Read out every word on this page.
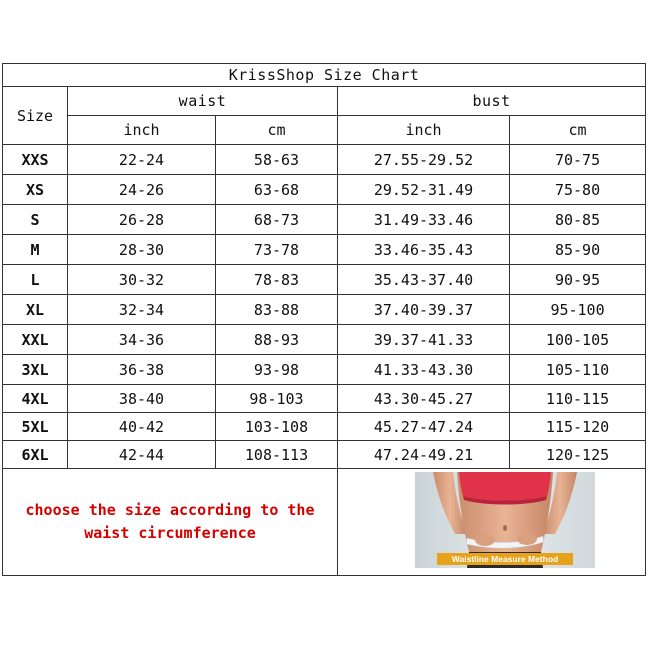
KrissShop Size Chart				
Size	waist		bust	
	inch	cm	inch	cm
XXS	22-24	58-63	27.55-29.52	70-75
XS	24-26	63-68	29.52-31.49	75-80
S	26-28	68-73	31.49-33.46	80-85
M	28-30	73-78	33.46-35.43	85-90
L	30-32	78-83	35.43-37.40	90-95
XL	32-34	83-88	37.40-39.37	95-100
XXL	34-36	88-93	39.37-41.33	100-105
3XL	36-38	93-98	41.33-43.30	105-110
4XL	38-40	98-103	43.30-45.27	110-115
5XL	40-42	103-108	45.27-47.24	115-120
6XL	42-44	108-113	47.24-49.21	120-125
choose the size according to the
waist circumference			Waistline Measure Method	
